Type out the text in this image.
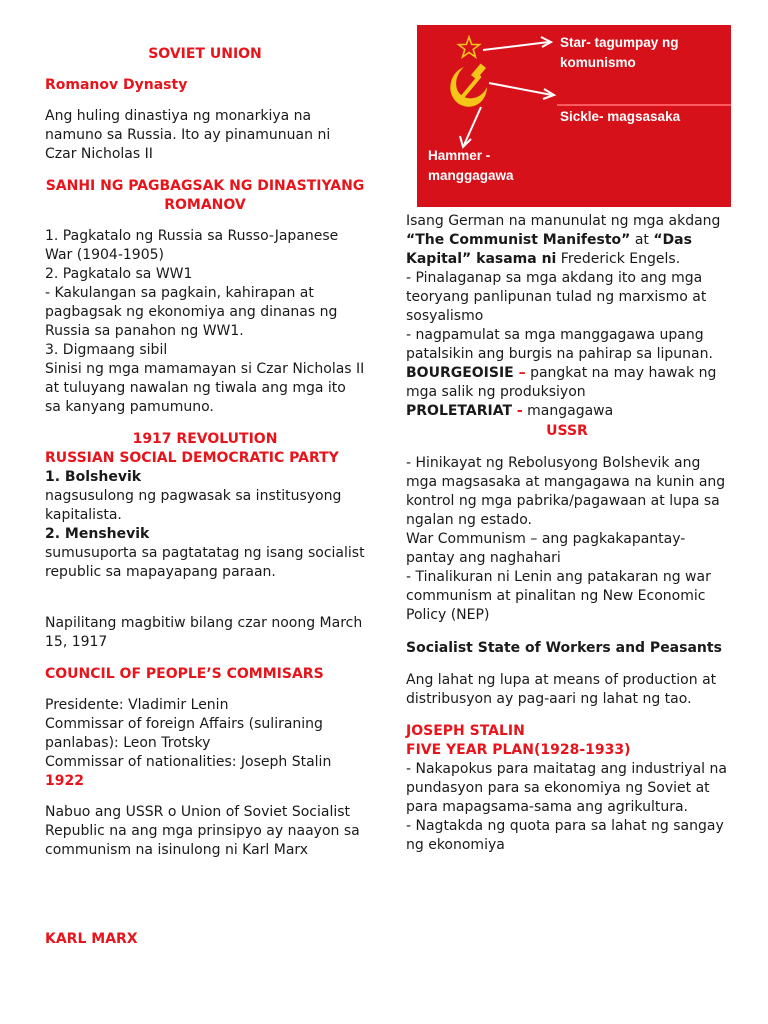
SOVIET UNION

Romanov Dynasty

Ang huling dinastiya ng monarkiya na namuno sa Russia. Ito ay pinamunuan ni Czar Nicholas II

SANHI NG PAGBAGSAK NG DINASTIYANG ROMANOV

1. Pagkatalo ng Russia sa Russo-Japanese War (1904-1905)

2. Pagkatalo sa WW1

- Kakulangan sa pagkain, kahirapan at pagbagsak ng ekonomiya ang dinanas ng Russia sa panahon ng WW1.

3. Digmaang sibil

Sinisi ng mga mamamayan si Czar Nicholas II at tuluyang nawalan ng tiwala ang mga ito sa kanyang pamumuno.

1917 REVOLUTION

RUSSIAN SOCIAL DEMOCRATIC PARTY

1. Bolshevik

nagsusulong ng pagwasak sa institusyong kapitalista.

2. Menshevik

sumusuporta sa pagtatatag ng isang socialist republic sa mapayapang paraan.

Napilitang magbitiw bilang czar noong March 15, 1917

COUNCIL OF PEOPLE’S COMMISARS

Presidente: Vladimir Lenin

Commissar of foreign Affairs (suliraning panlabas): Leon Trotsky

Commissar of nationalities: Joseph Stalin

1922

Nabuo ang USSR o Union of Soviet Socialist Republic na ang mga prinsipyo ay naayon sa communism na isinulong ni Karl Marx

KARL MARX

Star- tagumpay ng komunismo
Sickle- magsasaka
Hammer - manggagawa

Isang German na manunulat ng mga akdang “The Communist Manifesto” at “Das Kapital” kasama ni Frederick Engels.

- Pinalaganap sa mga akdang ito ang mga teoryang panlipunan tulad ng marxismo at sosyalismo

- nagpamulat sa mga manggagawa upang patalsikin ang burgis na pahirap sa lipunan.

BOURGEOISIE – pangkat na may hawak ng mga salik ng produksiyon

PROLETARIAT - mangagawa

USSR

- Hinikayat ng Rebolusyong Bolshevik ang mga magsasaka at mangagawa na kunin ang kontrol ng mga pabrika/pagawaan at lupa sa ngalan ng estado.

War Communism – ang pagkakapantay-pantay ang naghahari

- Tinalikuran ni Lenin ang patakaran ng war communism at pinalitan ng New Economic Policy (NEP)

Socialist State of Workers and Peasants

Ang lahat ng lupa at means of production at distribusyon ay pag-aari ng lahat ng tao.

JOSEPH STALIN

FIVE YEAR PLAN(1928-1933)

- Nakapokus para maitatag ang industriyal na pundasyon para sa ekonomiya ng Soviet at para mapagsama-sama ang agrikultura.

- Nagtakda ng quota para sa lahat ng sangay ng ekonomiya
